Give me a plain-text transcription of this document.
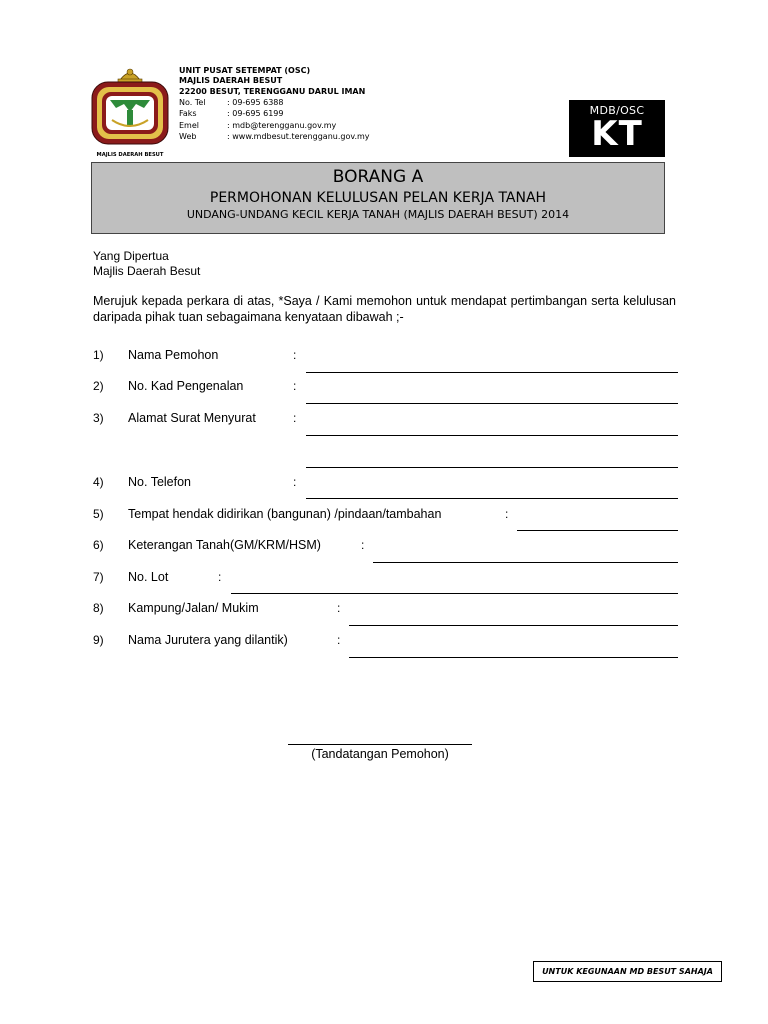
MAJLIS DAERAH BESUT
UNIT PUSAT SETEMPAT (OSC)
MAJLIS DAERAH BESUT
22200 BESUT, TERENGGANU DARUL IMAN
No. Tel	: 09-695 6388
Faks	: 09-695 6199
Emel	: mdb@terengganu.gov.my
Web	: www.mdbesut.terengganu.gov.my
MDB/OSC
KT
BORANG A
PERMOHONAN KELULUSAN PELAN KERJA TANAH
UNDANG-UNDANG KECIL KERJA TANAH (MAJLIS DAERAH BESUT) 2014
Yang Dipertua
Majlis Daerah Besut
Merujuk kepada perkara di atas, *Saya / Kami memohon untuk mendapat pertimbangan serta kelulusan daripada pihak tuan sebagaimana kenyataan dibawah ;-
1) Nama Pemohon	:
2) No. Kad Pengenalan	:
3) Alamat Surat Menyurat	:
4) No. Telefon	:
5) Tempat hendak didirikan (bangunan) /pindaan/tambahan	:
6) Keterangan Tanah(GM/KRM/HSM)	:
7) No. Lot	:
8) Kampung/Jalan/ Mukim	:
9) Nama Jurutera yang dilantik)	:
(Tandatangan Pemohon)
UNTUK KEGUNAAN MD BESUT SAHAJA
